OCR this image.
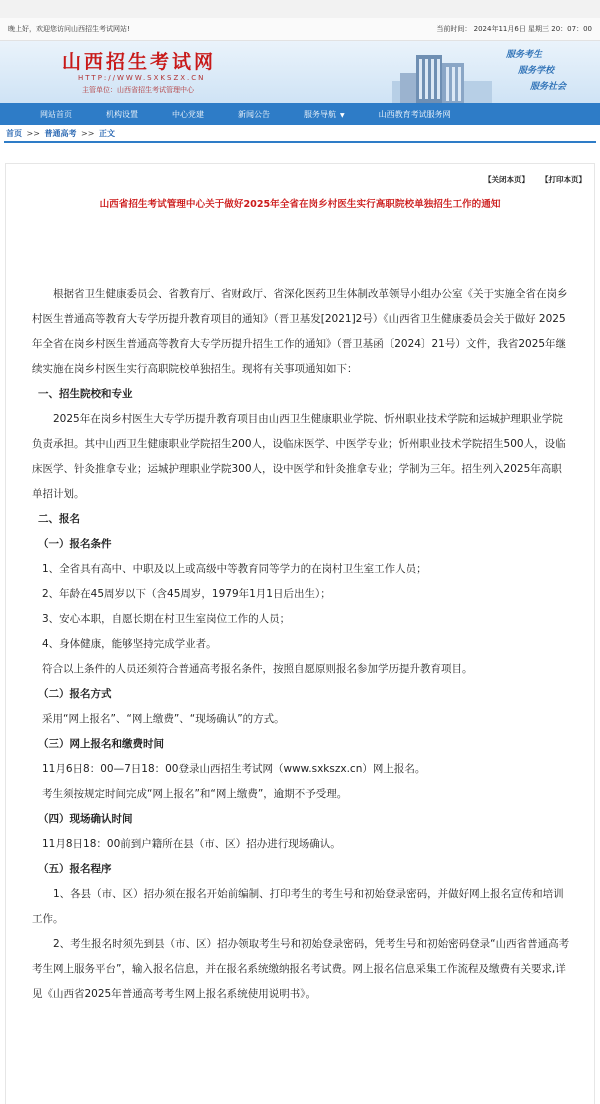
晚上好，欢迎您访问山西招生考试网站!	当前时间： 2024年11月6日 星期三 20：07：00
山西招生考试网
HTTP://WWW.SXKSZX.CN
主管单位：山西省招生考试管理中心
服务考生
服务学校
服务社会
网站首页	机构设置	中心党建	新闻公告	服务导航 ▼	山西教育考试服务网
首页 >> 普通高考 >> 正文
【关闭本页】 【打印本页】
山西省招生考试管理中心关于做好2025年全省在岗乡村医生实行高职院校单独招生工作的通知

根据省卫生健康委员会、省教育厅、省财政厅、省深化医药卫生体制改革领导小组办公室《关于实施全省在岗乡村医生普通高等教育大专学历提升教育项目的通知》（晋卫基发[2021]2号）《山西省卫生健康委员会关于做好 2025 年全省在岗乡村医生普通高等教育大专学历提升招生工作的通知》（晋卫基函〔2024〕21号）文件，我省2025年继续实施在岗乡村医生实行高职院校单独招生。现将有关事项通知如下：

一、招生院校和专业

2025年在岗乡村医生大专学历提升教育项目由山西卫生健康职业学院、忻州职业技术学院和运城护理职业学院负责承担。其中山西卫生健康职业学院招生200人，设临床医学、中医学专业；忻州职业技术学院招生500人，设临床医学、针灸推拿专业；运城护理职业学院300人，设中医学和针灸推拿专业；学制为三年。招生列入2025年高职单招计划。

二、报名

（一）报名条件

1、全省具有高中、中职及以上或高级中等教育同等学力的在岗村卫生室工作人员；

2、年龄在45周岁以下（含45周岁，1979年1月1日后出生）；

3、安心本职，自愿长期在村卫生室岗位工作的人员；

4、身体健康，能够坚持完成学业者。

符合以上条件的人员还须符合普通高考报名条件，按照自愿原则报名参加学历提升教育项目。

（二）报名方式

采用“网上报名”、“网上缴费”、“现场确认”的方式。

（三）网上报名和缴费时间

11月6日8：00—7日18：00登录山西招生考试网（www.sxkszx.cn）网上报名。

考生须按规定时间完成“网上报名”和“网上缴费”，逾期不予受理。

（四）现场确认时间

11月8日18：00前到户籍所在县（市、区）招办进行现场确认。

（五）报名程序

1、各县（市、区）招办须在报名开始前编制、打印考生的考生号和初始登录密码，并做好网上报名宣传和培训工作。

2、考生报名时须先到县（市、区）招办领取考生号和初始登录密码，凭考生号和初始密码登录“山西省普通高考考生网上服务平台”，输入报名信息，并在报名系统缴纳报名考试费。网上报名信息采集工作流程及缴费有关要求,详见《山西省2025年普通高考考生网上报名系统使用说明书》。
